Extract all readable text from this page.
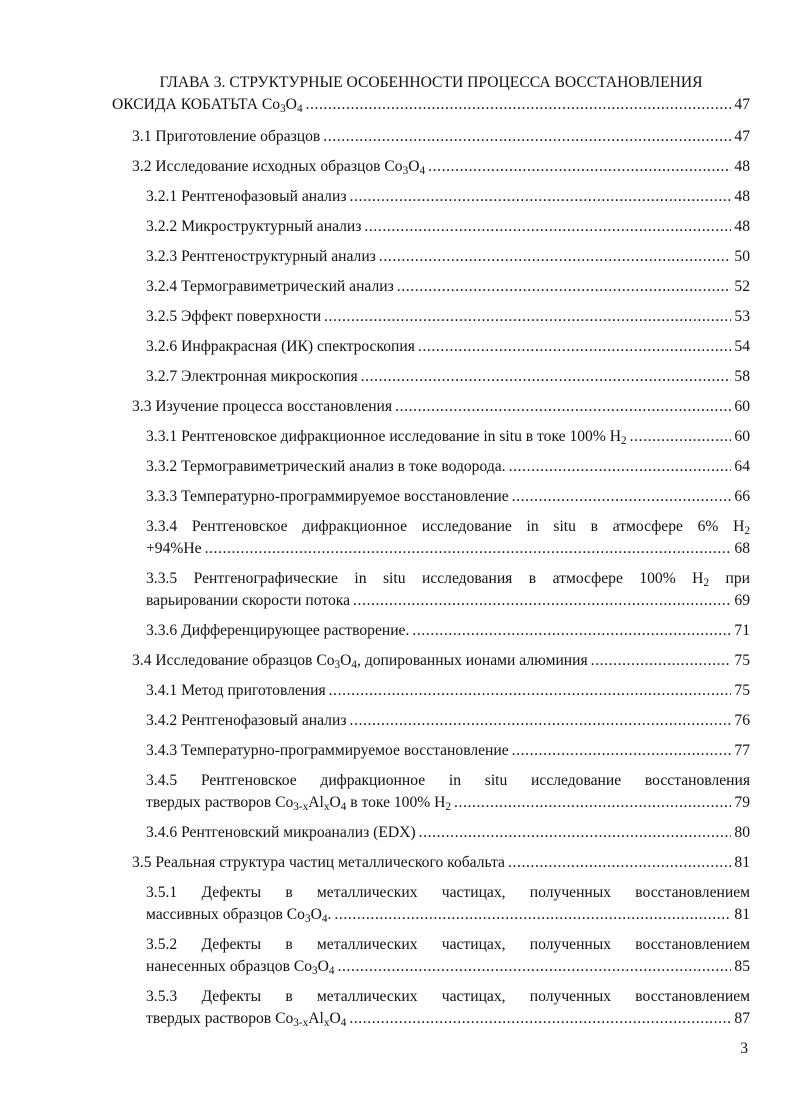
ГЛАВА 3. СТРУКТУРНЫЕ ОСОБЕННОСТИ ПРОЦЕССА ВОССТАНОВЛЕНИЯ
ОКСИДА КОБАТЬТА $Co_3O_4$ .....	47
3.1 Приготовление образцов .....	47
3.2 Исследование исходных образцов $Co_3O_4$ .....	48
3.2.1 Рентгенофазовый анализ .....	48
3.2.2 Микроструктурный анализ .....	48
3.2.3 Рентгеноструктурный анализ .....	50
3.2.4 Термогравиметрический анализ .....	52
3.2.5 Эффект поверхности .....	53
3.2.6 Инфракрасная (ИК) спектроскопия .....	54
3.2.7 Электронная микроскопия .....	58
3.3 Изучение процесса восстановления .....	60
3.3.1 Рентгеновское дифракционное исследование in situ в токе 100% $H_2$ .....	60
3.3.2 Термогравиметрический анализ в токе водорода. .....	64
3.3.3 Температурно-программируемое восстановление .....	66
3.3.4 Рентгеновское дифракционное исследование in situ в атмосфере 6% $H_2$
+94%He .....	68
3.3.5 Рентгенографические in situ исследования в атмосфере 100% $H_2$ при
варьировании скорости потока .....	69
3.3.6 Дифференцирующее растворение. .....	71
3.4 Исследование образцов $Co_3O_4$, допированных ионами алюминия .....	75
3.4.1 Метод приготовления .....	75
3.4.2 Рентгенофазовый анализ .....	76
3.4.3 Температурно-программируемое восстановление .....	77
3.4.5 Рентгеновское дифракционное in situ исследование восстановления
твердых растворов $Co_{3-x}Al_xO_4$ в токе 100% $H_2$ .....	79
3.4.6 Рентгеновский микроанализ (EDX) .....	80
3.5 Реальная структура частиц металлического кобальта .....	81
3.5.1 Дефекты в металлических частицах, полученных восстановлением
массивных образцов $Co_3O_4$. .....	81
3.5.2 Дефекты в металлических частицах, полученных восстановлением
нанесенных образцов $Co_3O_4$ .....	85
3.5.3 Дефекты в металлических частицах, полученных восстановлением
твердых растворов $Co_{3-x}Al_xO_4$ .....	87
3
